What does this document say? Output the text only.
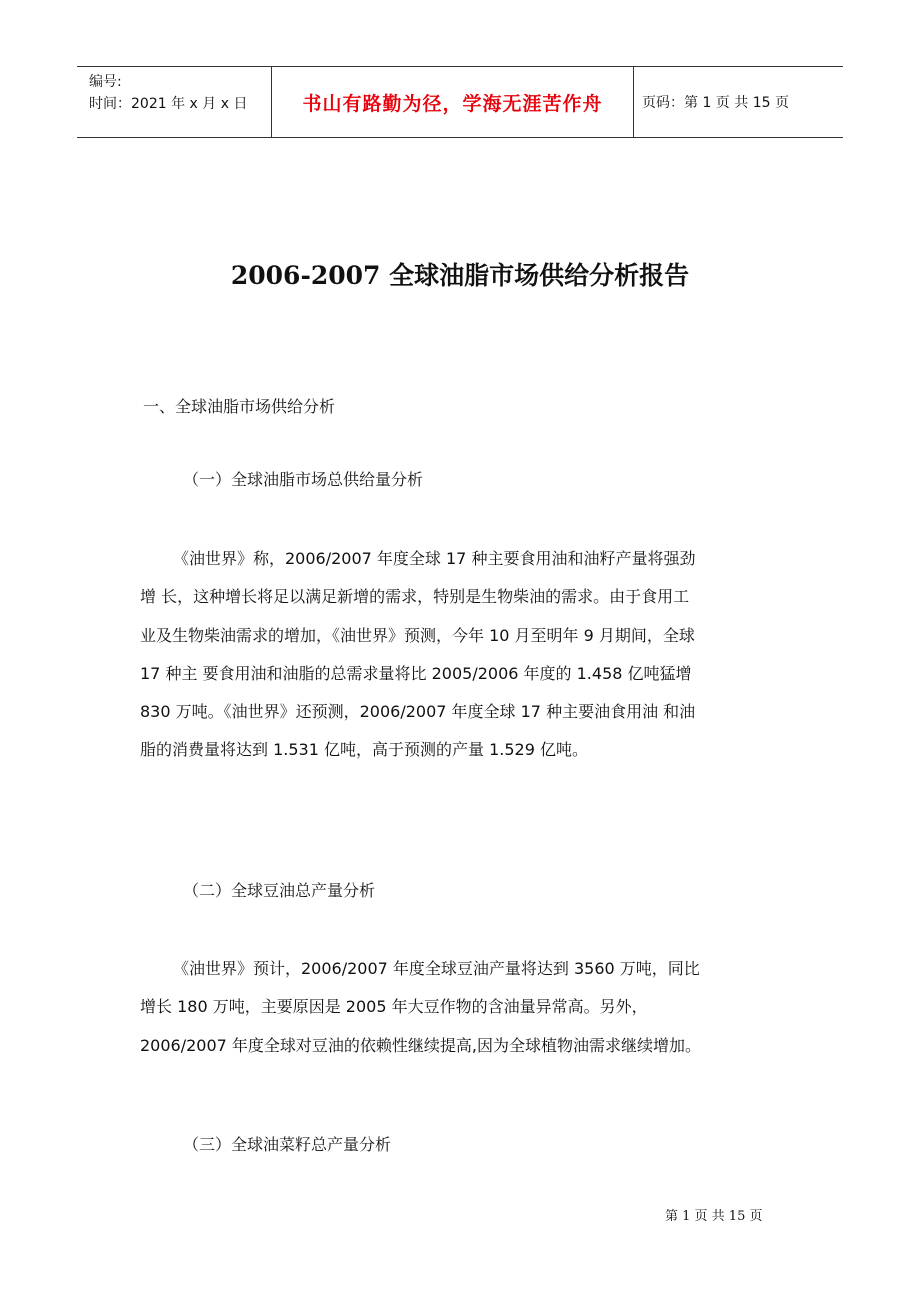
编号:
时间：2021 年 x 月 x 日	书山有路勤为径，学海无涯苦作舟	页码：第 1 页 共 15 页
2006-2007 全球油脂市场供给分析报告
一、全球油脂市场供给分析
（一）全球油脂市场总供给量分析
《油世界》称，2006/2007 年度全球 17 种主要食用油和油籽产量将强劲
增 长，这种增长将足以满足新增的需求，特别是生物柴油的需求。由于食用工
业及生物柴油需求的增加，《油世界》预测，今年 10 月至明年 9 月期间，全球
17 种主 要食用油和油脂的总需求量将比 2005/2006 年度的 1.458 亿吨猛增
830 万吨。《油世界》还预测，2006/2007 年度全球 17 种主要油食用油 和油
脂的消费量将达到 1.531 亿吨，高于预测的产量 1.529 亿吨。
（二）全球豆油总产量分析
《油世界》预计，2006/2007 年度全球豆油产量将达到 3560 万吨，同比
增长 180 万吨，主要原因是 2005 年大豆作物的含油量异常高。另外，
2006/2007 年度全球对豆油的依赖性继续提高,因为全球植物油需求继续增加。
（三）全球油菜籽总产量分析
第 1 页 共 15 页
